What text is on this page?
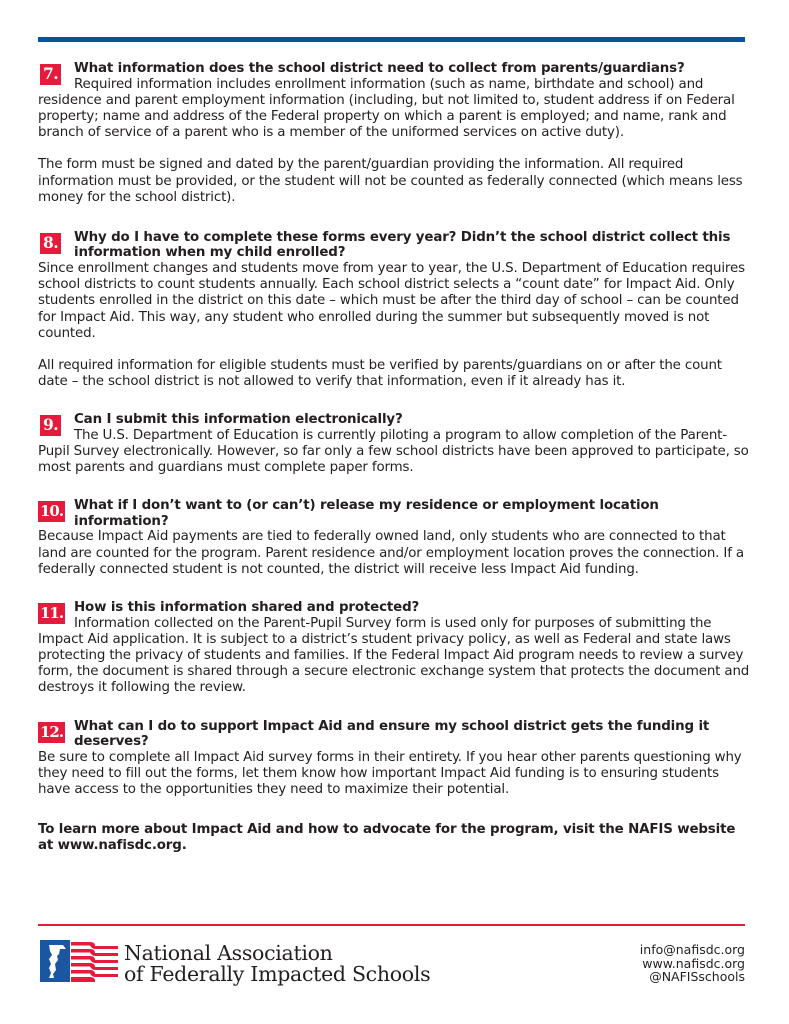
7. What information does the school district need to collect from parents/guardians?

Required information includes enrollment information (such as name, birthdate and school) and residence and parent employment information (including, but not limited to, student address if on Federal property; name and address of the Federal property on which a parent is employed; and name, rank and branch of service of a parent who is a member of the uniformed services on active duty).

The form must be signed and dated by the parent/guardian providing the information. All required information must be provided, or the student will not be counted as federally connected (which means less money for the school district).

8. Why do I have to complete these forms every year? Didn’t the school district collect this information when my child enrolled?

Since enrollment changes and students move from year to year, the U.S. Department of Education requires school districts to count students annually. Each school district selects a “count date” for Impact Aid. Only students enrolled in the district on this date – which must be after the third day of school – can be counted for Impact Aid. This way, any student who enrolled during the summer but subsequently moved is not counted.

All required information for eligible students must be verified by parents/guardians on or after the count date – the school district is not allowed to verify that information, even if it already has it.

9. Can I submit this information electronically?

The U.S. Department of Education is currently piloting a program to allow completion of the Parent-Pupil Survey electronically. However, so far only a few school districts have been approved to participate, so most parents and guardians must complete paper forms.

10. What if I don’t want to (or can’t) release my residence or employment location information?

Because Impact Aid payments are tied to federally owned land, only students who are connected to that land are counted for the program. Parent residence and/or employment location proves the connection. If a federally connected student is not counted, the district will receive less Impact Aid funding.

11. How is this information shared and protected?

Information collected on the Parent-Pupil Survey form is used only for purposes of submitting the Impact Aid application. It is subject to a district’s student privacy policy, as well as Federal and state laws protecting the privacy of students and families. If the Federal Impact Aid program needs to review a survey form, the document is shared through a secure electronic exchange system that protects the document and destroys it following the review.

12. What can I do to support Impact Aid and ensure my school district gets the funding it deserves?

Be sure to complete all Impact Aid survey forms in their entirety. If you hear other parents questioning why they need to fill out the forms, let them know how important Impact Aid funding is to ensuring students have access to the opportunities they need to maximize their potential.

To learn more about Impact Aid and how to advocate for the program, visit the NAFIS website at www.nafisdc.org.

National Association
of Federally Impacted Schools
info@nafisdc.org
www.nafisdc.org
@NAFISschools
